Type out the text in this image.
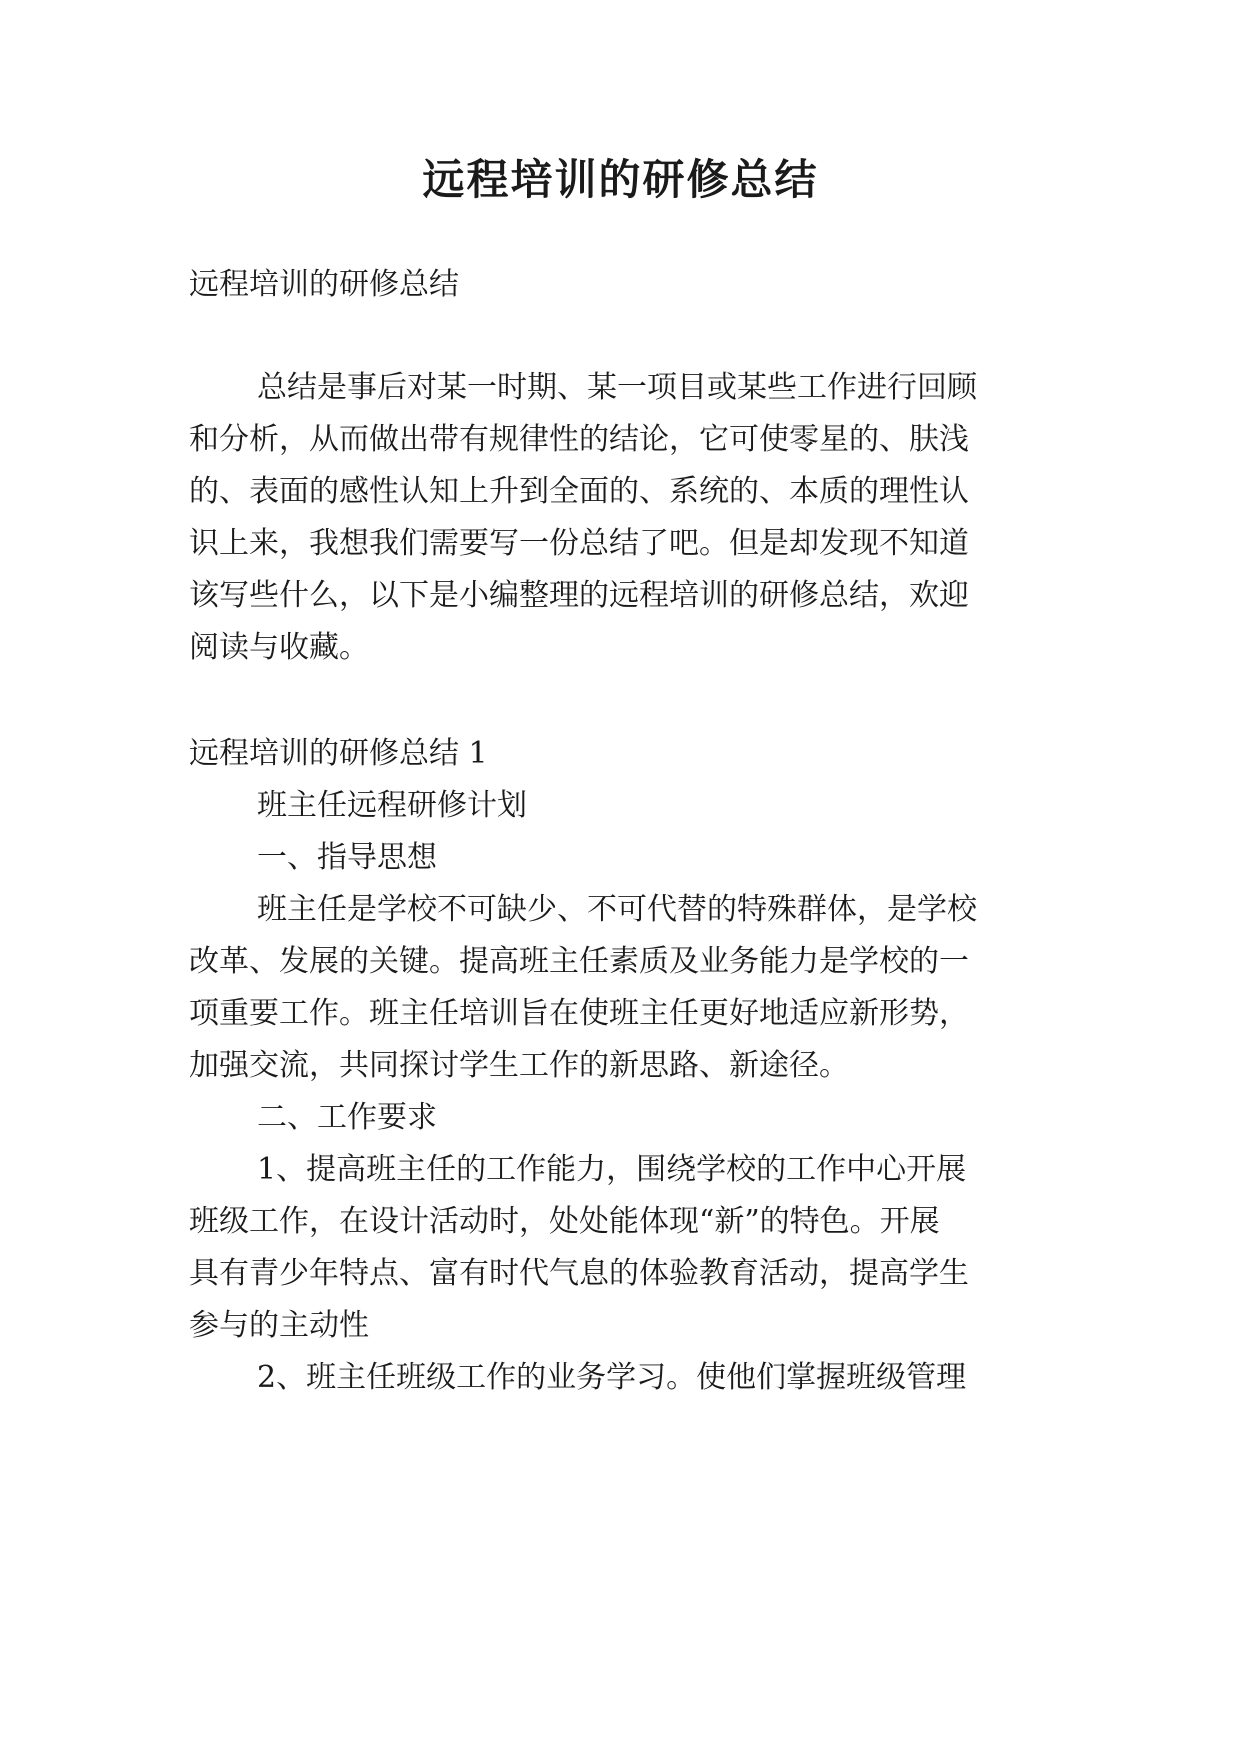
远程培训的研修总结
远程培训的研修总结
总结是事后对某一时期、某一项目或某些工作进行回顾
和分析，从而做出带有规律性的结论，它可使零星的、肤浅
的、表面的感性认知上升到全面的、系统的、本质的理性认
识上来，我想我们需要写一份总结了吧。但是却发现不知道
该写些什么，以下是小编整理的远程培训的研修总结，欢迎
阅读与收藏。
远程培训的研修总结 1
班主任远程研修计划
一、指导思想
班主任是学校不可缺少、不可代替的特殊群体，是学校
改革、发展的关键。提高班主任素质及业务能力是学校的一
项重要工作。班主任培训旨在使班主任更好地适应新形势，
加强交流，共同探讨学生工作的新思路、新途径。
二、工作要求
1、提高班主任的工作能力，围绕学校的工作中心开展
班级工作，在设计活动时，处处能体现“新”的特色。开展
具有青少年特点、富有时代气息的体验教育活动，提高学生
参与的主动性
2、班主任班级工作的业务学习。使他们掌握班级管理
